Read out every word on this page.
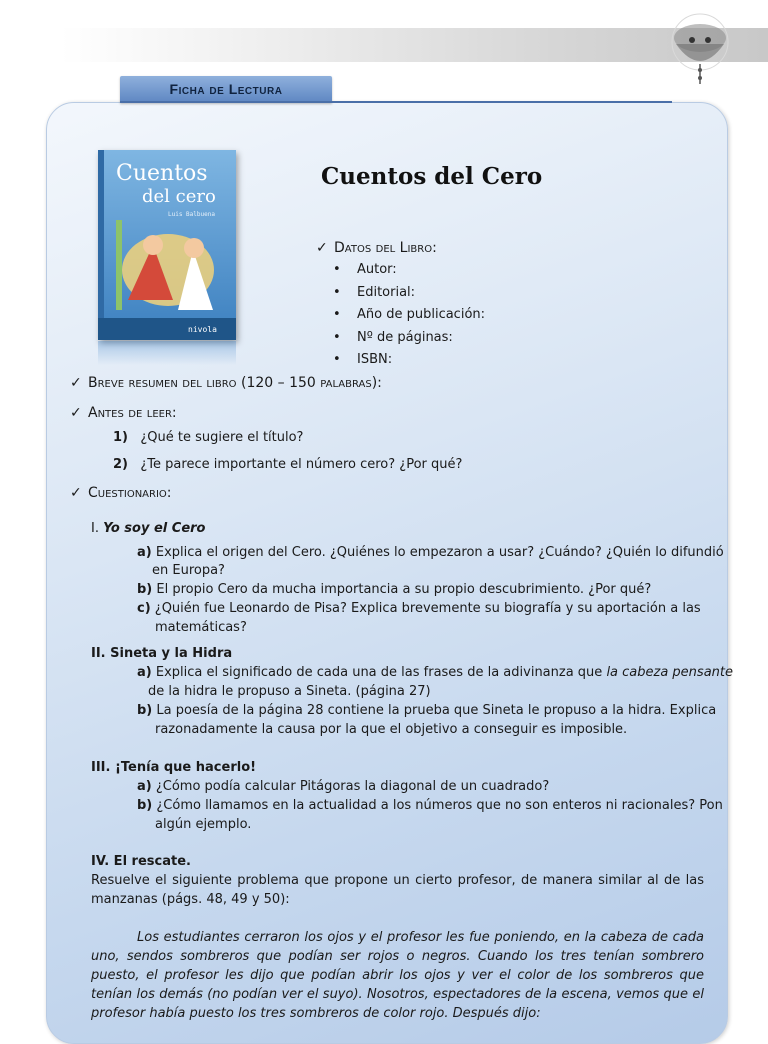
Ficha de Lectura
Cuentos
del cero
Luis Balbuena
nivola
Cuentos del Cero
✓ Datos del Libro:
• Autor:
• Editorial:
• Año de publicación:
• Nº de páginas:
• ISBN:
✓ Breve resumen del libro (120 – 150 palabras):
✓ Antes de leer:
1) ¿Qué te sugiere el título?
2) ¿Te parece importante el número cero? ¿Por qué?
✓ Cuestionario:
I. Yo soy el Cero
a) Explica el origen del Cero. ¿Quiénes lo empezaron a usar? ¿Cuándo? ¿Quién lo difundió
en Europa?
b) El propio Cero da mucha importancia a su propio descubrimiento. ¿Por qué?
c) ¿Quién fue Leonardo de Pisa? Explica brevemente su biografía y su aportación a las
matemáticas?
II. Sineta y la Hidra
a) Explica el significado de cada una de las frases de la adivinanza que la cabeza pensante
de la hidra le propuso a Sineta. (página 27)
b) La poesía de la página 28 contiene la prueba que Sineta le propuso a la hidra. Explica
razonadamente la causa por la que el objetivo a conseguir es imposible.
III. ¡Tenía que hacerlo!
a) ¿Cómo podía calcular Pitágoras la diagonal de un cuadrado?
b) ¿Cómo llamamos en la actualidad a los números que no son enteros ni racionales? Pon
algún ejemplo.
IV. El rescate.
Resuelve el siguiente problema que propone un cierto profesor, de manera similar al de las manzanas (págs. 48, 49 y 50):
Los estudiantes cerraron los ojos y el profesor les fue poniendo, en la cabeza de cada uno, sendos sombreros que podían ser rojos o negros. Cuando los tres tenían sombrero puesto, el profesor les dijo que podían abrir los ojos y ver el color de los sombreros que tenían los demás (no podían ver el suyo). Nosotros, espectadores de la escena, vemos que el profesor había puesto los tres sombreros de color rojo. Después dijo:
